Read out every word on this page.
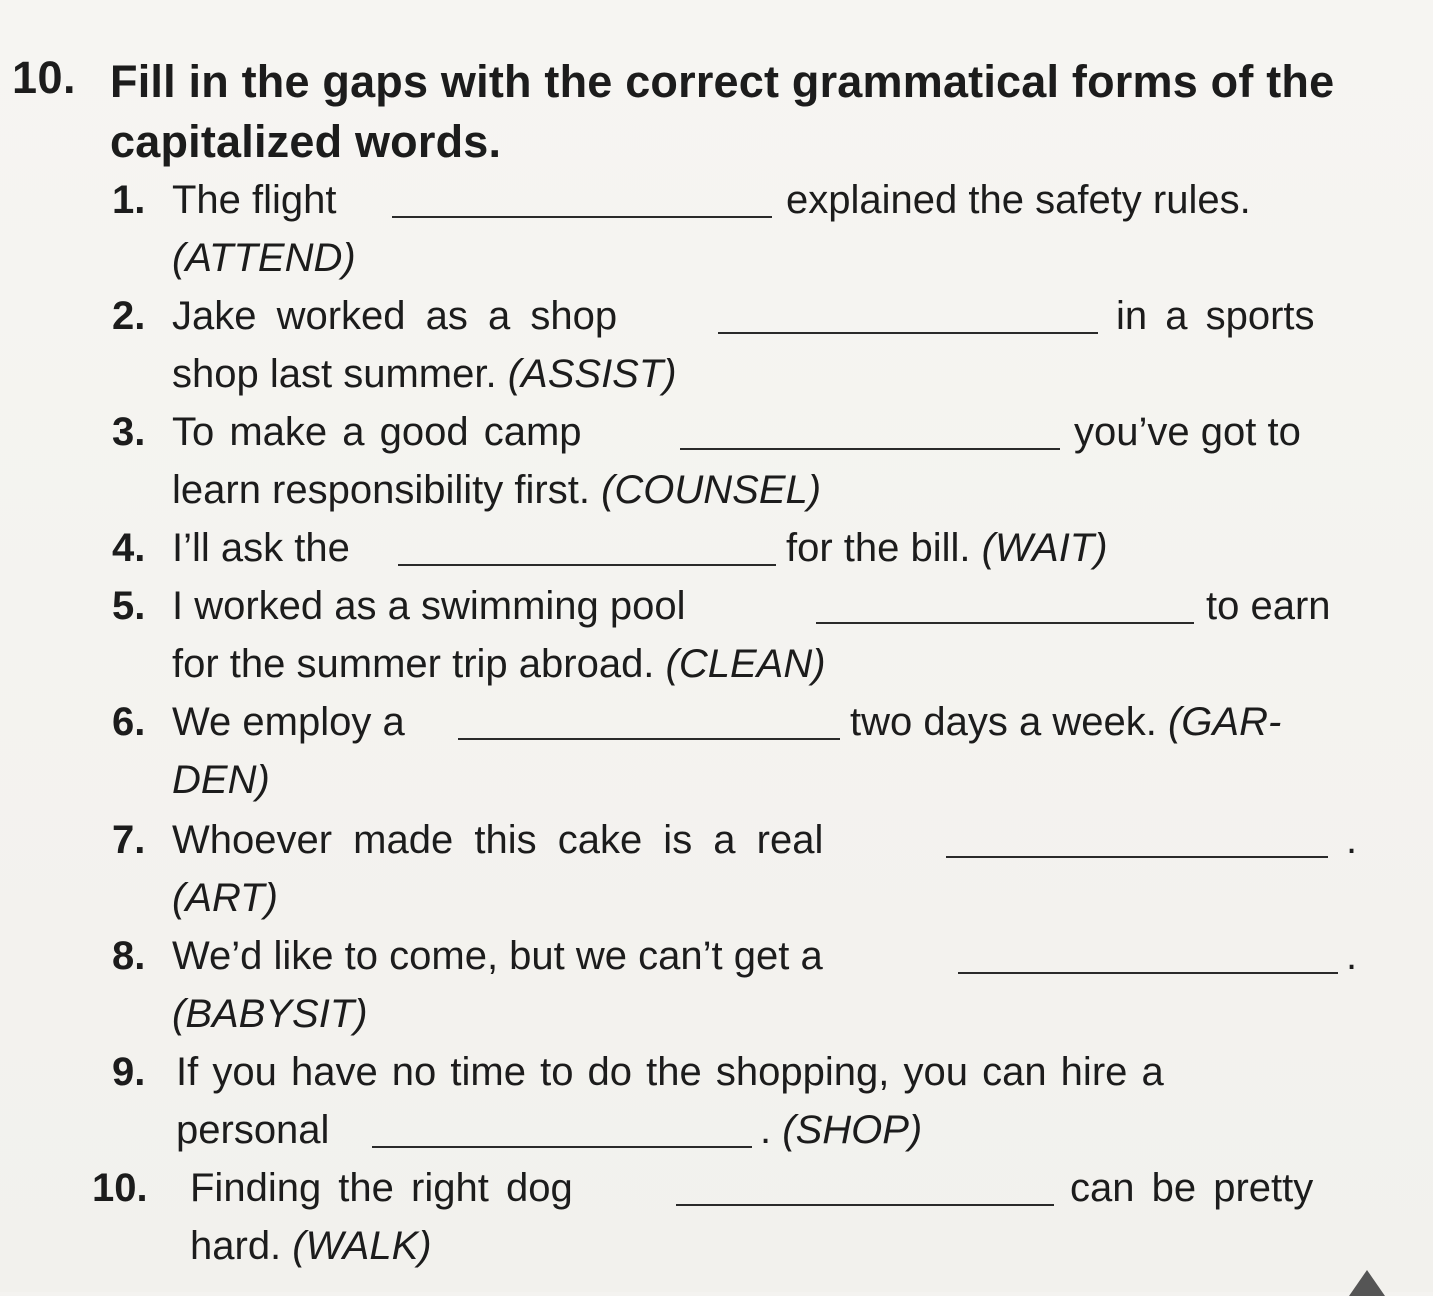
10. Fill in the gaps with the correct grammatical forms of the capitalized words.
1. The flight	explained the safety rules.
(ATTEND)
2. Jake worked as a shop	in a sports
shop last summer. (ASSIST)
3. To make a good camp	you’ve got to
learn responsibility first. (COUNSEL)
4. I’ll ask the	for the bill. (WAIT)
5. I worked as a swimming pool	to earn
for the summer trip abroad. (CLEAN)
6. We employ a	two days a week. (GAR-
DEN)
7. Whoever made this cake is a real	.
(ART)
8. We’d like to come, but we can’t get a	.
(BABYSIT)
9. If you have no time to do the shopping, you can hire a
personal	. (SHOP)
10. Finding the right dog	can be pretty
hard. (WALK)
